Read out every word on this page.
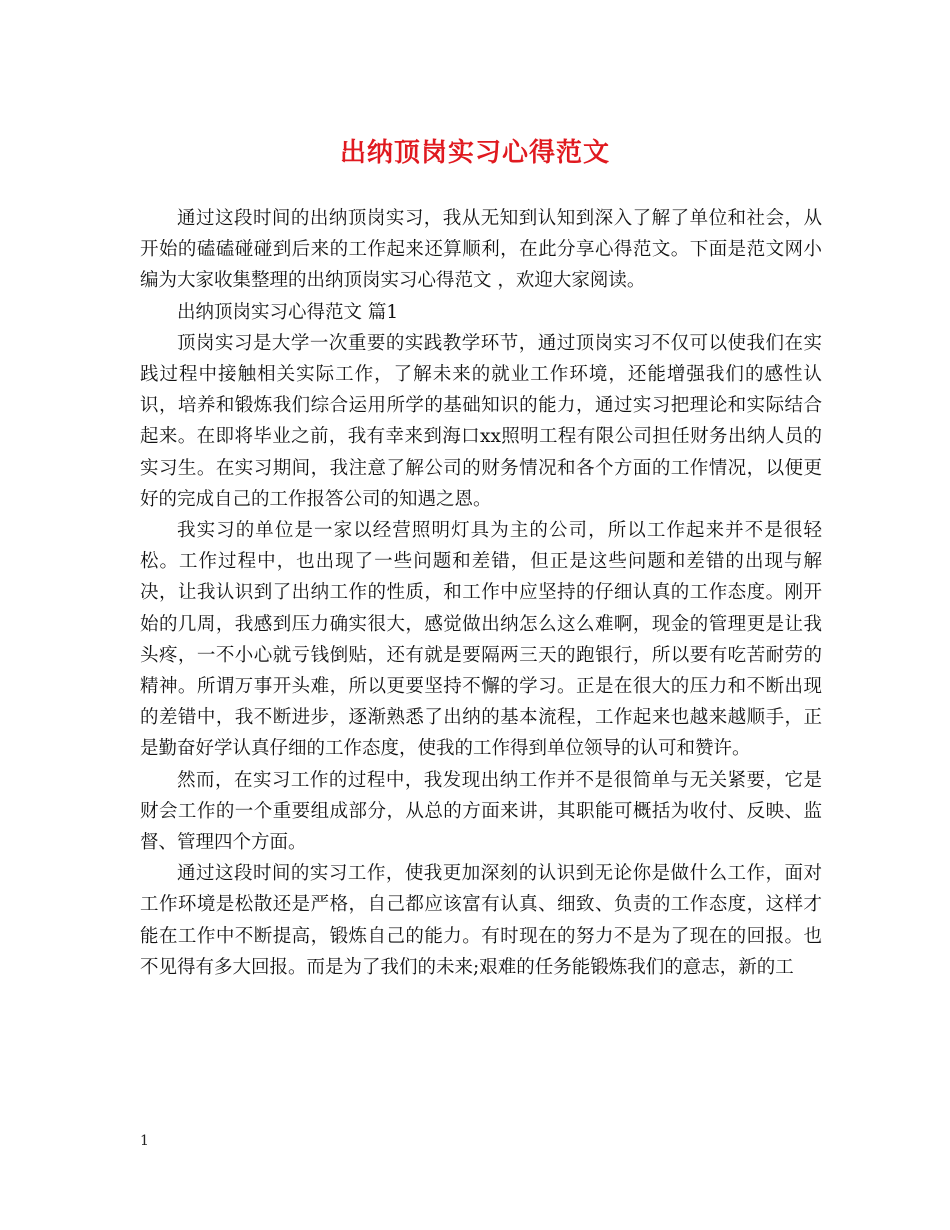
出纳顶岗实习心得范文

通过这段时间的出纳顶岗实习，我从无知到认知到深入了解了单位和社会，从开始的磕磕碰碰到后来的工作起来还算顺利，在此分享心得范文。下面是范文网小编为大家收集整理的出纳顶岗实习心得范文 ，欢迎大家阅读。

出纳顶岗实习心得范文 篇1

顶岗实习是大学一次重要的实践教学环节，通过顶岗实习不仅可以使我们在实践过程中接触相关实际工作，了解未来的就业工作环境，还能增强我们的感性认识，培养和锻炼我们综合运用所学的基础知识的能力，通过实习把理论和实际结合起来。在即将毕业之前，我有幸来到海口xx照明工程有限公司担任财务出纳人员的实习生。在实习期间，我注意了解公司的财务情况和各个方面的工作情况，以便更好的完成自己的工作报答公司的知遇之恩。

我实习的单位是一家以经营照明灯具为主的公司，所以工作起来并不是很轻松。工作过程中，也出现了一些问题和差错，但正是这些问题和差错的出现与解决，让我认识到了出纳工作的性质，和工作中应坚持的仔细认真的工作态度。刚开始的几周，我感到压力确实很大，感觉做出纳怎么这么难啊，现金的管理更是让我头疼，一不小心就亏钱倒贴，还有就是要隔两三天的跑银行，所以要有吃苦耐劳的精神。所谓万事开头难，所以更要坚持不懈的学习。正是在很大的压力和不断出现的差错中，我不断进步，逐渐熟悉了出纳的基本流程，工作起来也越来越顺手，正是勤奋好学认真仔细的工作态度，使我的工作得到单位领导的认可和赞许。

然而，在实习工作的过程中，我发现出纳工作并不是很简单与无关紧要，它是财会工作的一个重要组成部分，从总的方面来讲，其职能可概括为收付、反映、监督、管理四个方面。

通过这段时间的实习工作，使我更加深刻的认识到无论你是做什么工作，面对工作环境是松散还是严格，自己都应该富有认真、细致、负责的工作态度，这样才能在工作中不断提高，锻炼自己的能力。有时现在的努力不是为了现在的回报。也不见得有多大回报。而是为了我们的未来;艰难的任务能锻炼我们的意志，新的工

1
